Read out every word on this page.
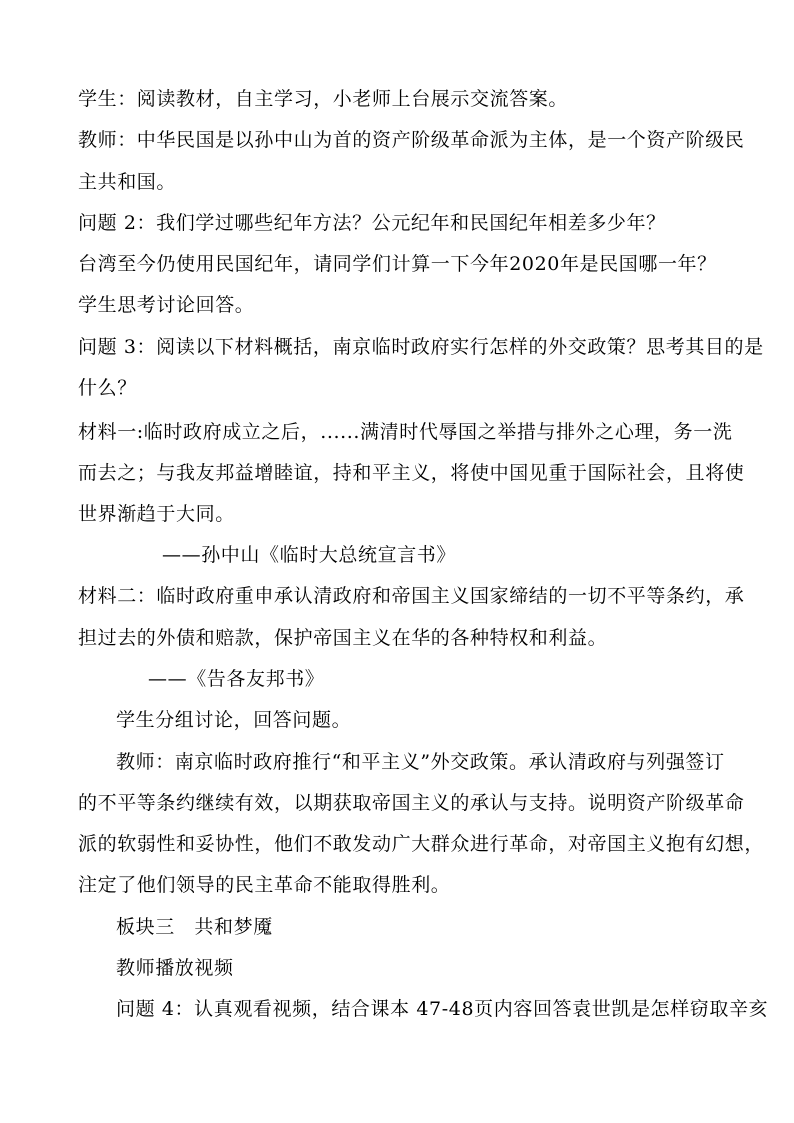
学生：阅读教材，自主学习，小老师上台展示交流答案。
教师：中华民国是以孙中山为首的资产阶级革命派为主体，是一个资产阶级民
主共和国。
问题 2：我们学过哪些纪年方法？公元纪年和民国纪年相差多少年？
台湾至今仍使用民国纪年，请同学们计算一下今年2020年是民国哪一年？
学生思考讨论回答。
问题 3：阅读以下材料概括，南京临时政府实行怎样的外交政策？思考其目的是
什么？
材料一:临时政府成立之后，......满清时代辱国之举措与排外之心理，务一洗
而去之；与我友邦益增睦谊，持和平主义，将使中国见重于国际社会，且将使
世界渐趋于大同。
——孙中山《临时大总统宣言书》
材料二：临时政府重申承认清政府和帝国主义国家缔结的一切不平等条约，承
担过去的外债和赔款，保护帝国主义在华的各种特权和利益。
——《告各友邦书》
学生分组讨论，回答问题。
教师：南京临时政府推行“和平主义”外交政策。承认清政府与列强签订
的不平等条约继续有效，以期获取帝国主义的承认与支持。说明资产阶级革命
派的软弱性和妥协性，他们不敢发动广大群众进行革命，对帝国主义抱有幻想，
注定了他们领导的民主革命不能取得胜利。
板块三　共和梦魇
教师播放视频
问题 4：认真观看视频，结合课本 47-48页内容回答袁世凯是怎样窃取辛亥
